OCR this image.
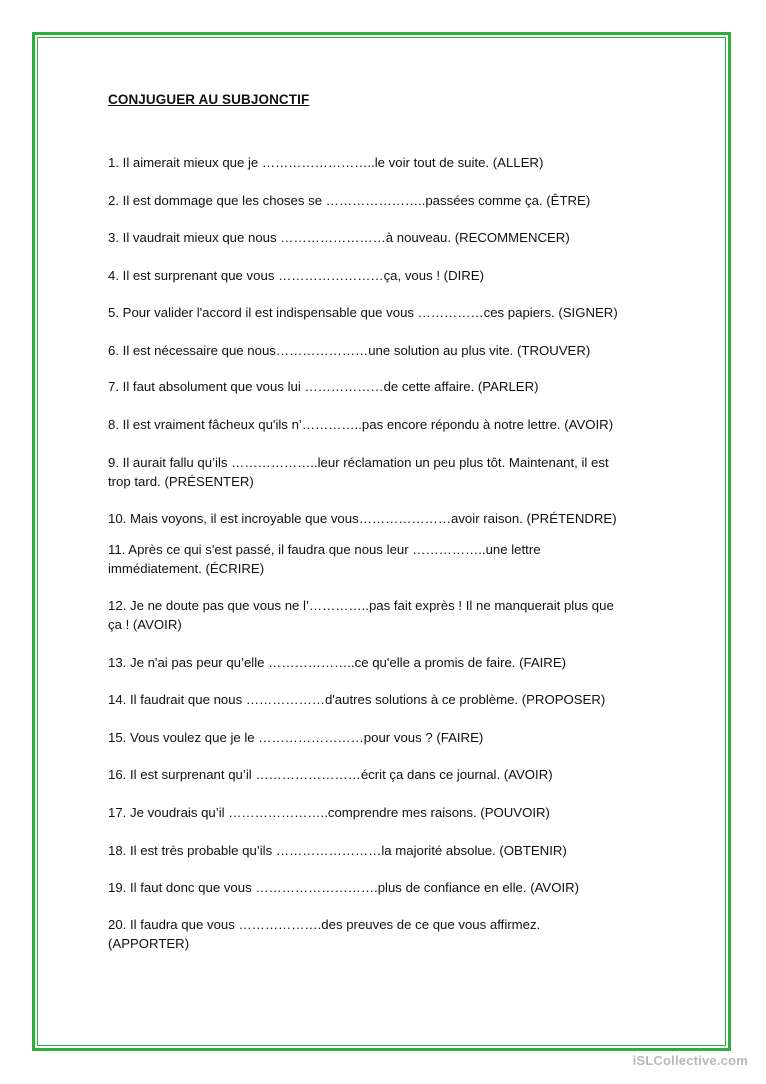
CONJUGUER AU SUBJONCTIF
1. Il aimerait mieux que je ……………………..le voir tout de suite. (ALLER)
2. Il est dommage que les choses se …………………..passées comme ça. (ÊTRE)
3. Il vaudrait mieux que nous ……………………à nouveau. (RECOMMENCER)
4. Il est surprenant que vous ……………………ça, vous ! (DIRE)
5. Pour valider l'accord il est indispensable que vous ……………ces papiers. (SIGNER)
6. Il est nécessaire que nous…………………une solution au plus vite. (TROUVER)
7. Il faut absolument que vous lui ………………de cette affaire. (PARLER)
8. Il est vraiment fâcheux qu'ils n’…………..pas encore répondu à notre lettre. (AVOIR)
9. Il aurait fallu qu’ils ………………..leur réclamation un peu plus tôt. Maintenant, il est
trop tard. (PRÉSENTER)
10. Mais voyons, il est incroyable que vous…………………avoir raison. (PRÉTENDRE)
11. Après ce qui s'est passé, il faudra que nous leur ……………..une lettre
immédiatement. (ÉCRIRE)
12. Je ne doute pas que vous ne l’…………..pas fait exprès ! Il ne manquerait plus que
ça ! (AVOIR)
13. Je n'ai pas peur qu’elle ………………..ce qu'elle a promis de faire. (FAIRE)
14. Il faudrait que nous ………………d'autres solutions à ce problème. (PROPOSER)
15. Vous voulez que je le ……………………pour vous ? (FAIRE)
16. Il est surprenant qu’il ……………………écrit ça dans ce journal. (AVOIR)
17. Je voudrais qu’il …………………..comprendre mes raisons. (POUVOIR)
18. Il est très probable qu’ils ……………………la majorité absolue. (OBTENIR)
19. Il faut donc que vous ……………………….plus de confiance en elle. (AVOIR)
20. Il faudra que vous ……………….des preuves de ce que vous affirmez.
(APPORTER)
iSLCollective.com
